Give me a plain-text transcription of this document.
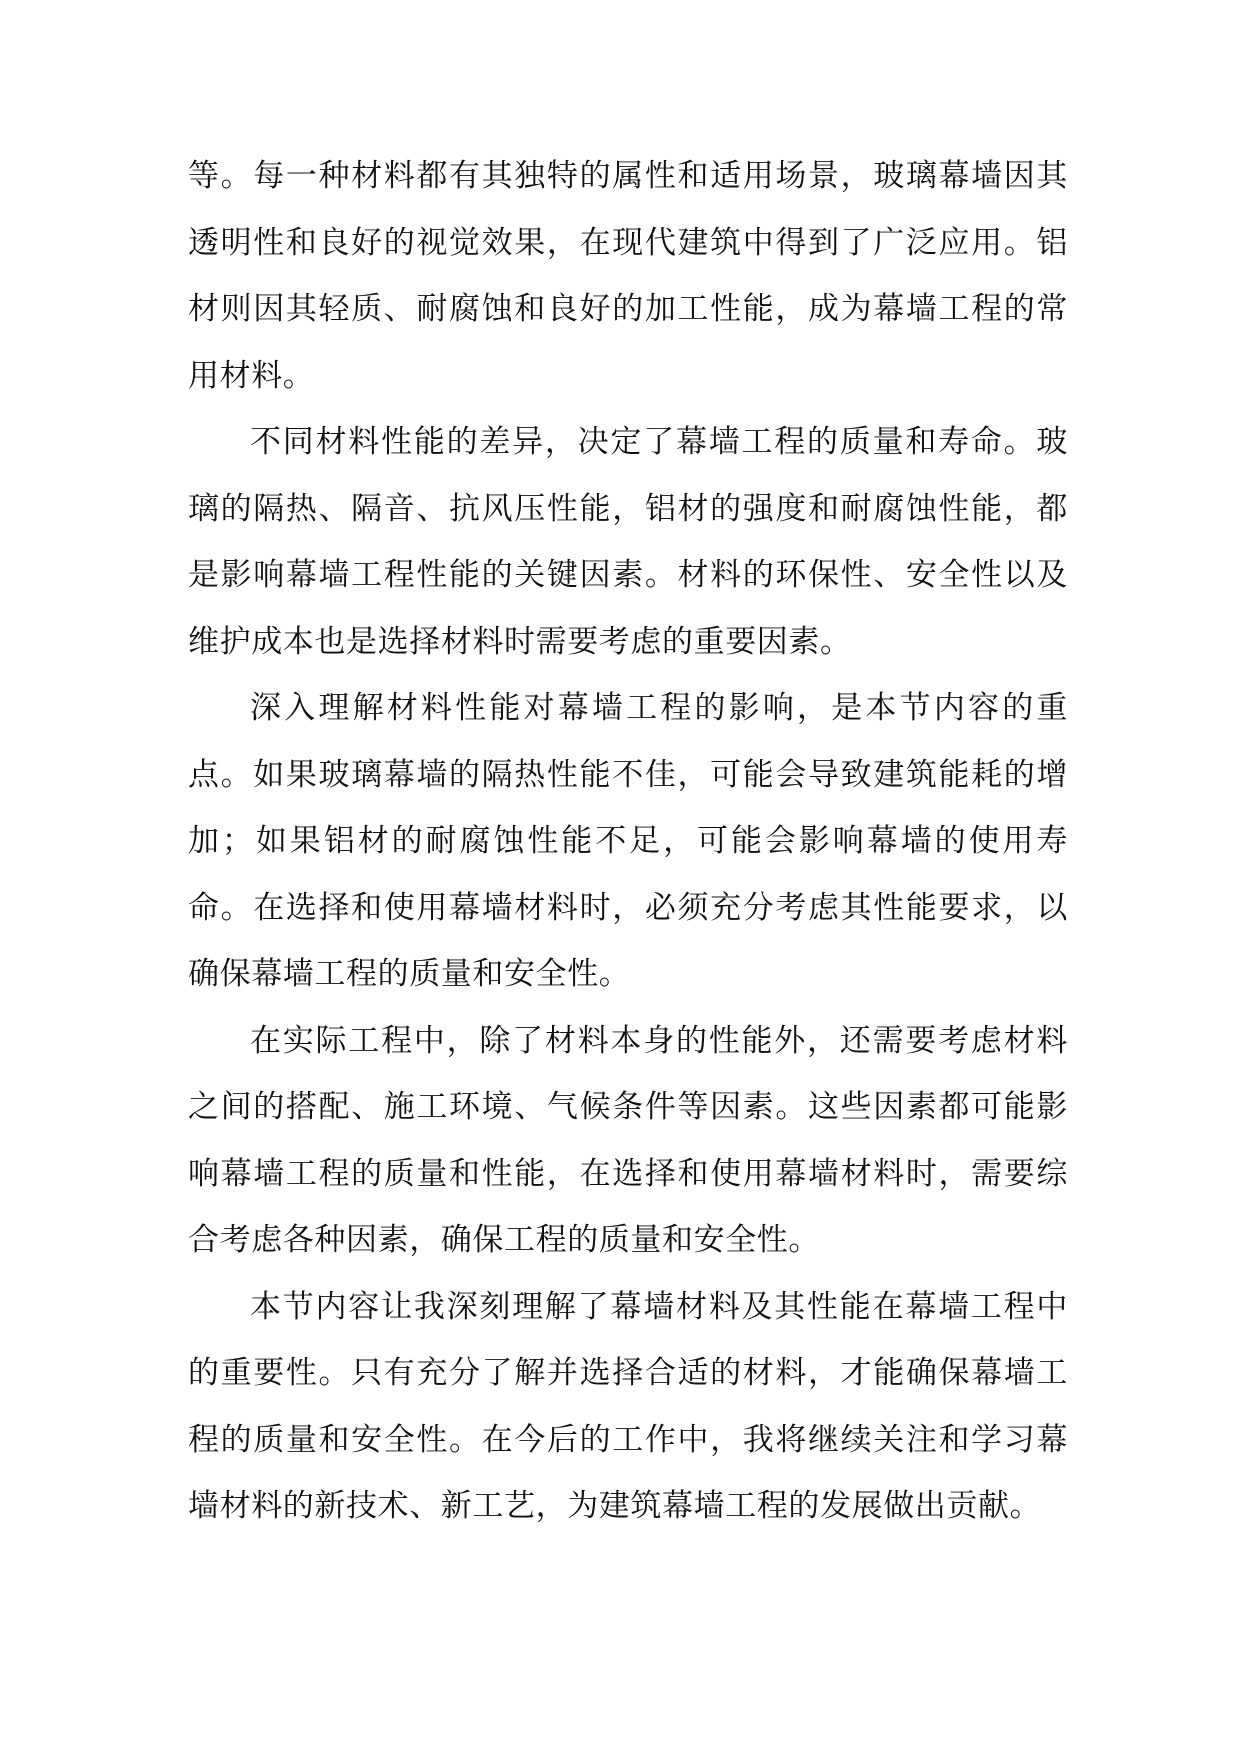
等。每一种材料都有其独特的属性和适用场景，玻璃幕墙因其透明性和良好的视觉效果，在现代建筑中得到了广泛应用。铝材则因其轻质、耐腐蚀和良好的加工性能，成为幕墙工程的常用材料。

不同材料性能的差异，决定了幕墙工程的质量和寿命。玻璃的隔热、隔音、抗风压性能，铝材的强度和耐腐蚀性能，都是影响幕墙工程性能的关键因素。材料的环保性、安全性以及维护成本也是选择材料时需要考虑的重要因素。

深入理解材料性能对幕墙工程的影响，是本节内容的重点。如果玻璃幕墙的隔热性能不佳，可能会导致建筑能耗的增加；如果铝材的耐腐蚀性能不足，可能会影响幕墙的使用寿命。在选择和使用幕墙材料时，必须充分考虑其性能要求，以确保幕墙工程的质量和安全性。

在实际工程中，除了材料本身的性能外，还需要考虑材料之间的搭配、施工环境、气候条件等因素。这些因素都可能影响幕墙工程的质量和性能，在选择和使用幕墙材料时，需要综合考虑各种因素，确保工程的质量和安全性。

本节内容让我深刻理解了幕墙材料及其性能在幕墙工程中的重要性。只有充分了解并选择合适的材料，才能确保幕墙工程的质量和安全性。在今后的工作中，我将继续关注和学习幕墙材料的新技术、新工艺，为建筑幕墙工程的发展做出贡献。
